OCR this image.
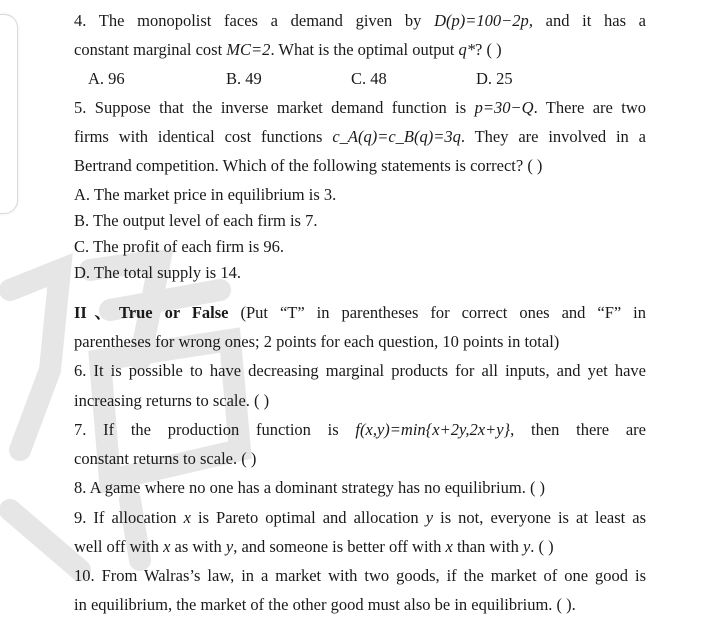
4. The monopolist faces a demand given by D(p)=100−2p, and it has a
constant marginal cost MC=2. What is the optimal output q*? ( )
A. 96	B. 49	C. 48	D. 25
5. Suppose that the inverse market demand function is p=30−Q. There are two
firms with identical cost functions c_A(q)=c_B(q)=3q. They are involved in a
Bertrand competition. Which of the following statements is correct? ( )
A. The market price in equilibrium is 3.
B. The output level of each firm is 7.
C. The profit of each firm is 96.
D. The total supply is 14.
II、True or False (Put “T” in parentheses for correct ones and “F” in
parentheses for wrong ones; 2 points for each question, 10 points in total)
6. It is possible to have decreasing marginal products for all inputs, and yet have
increasing returns to scale. ( )
7. If the production function is f(x,y)=min{x+2y,2x+y}, then there are
constant returns to scale. ( )
8. A game where no one has a dominant strategy has no equilibrium. ( )
9. If allocation x is Pareto optimal and allocation y is not, everyone is at least as
well off with x as with y, and someone is better off with x than with y. ( )
10. From Walras’s law, in a market with two goods, if the market of one good is
in equilibrium, the market of the other good must also be in equilibrium. ( ).
